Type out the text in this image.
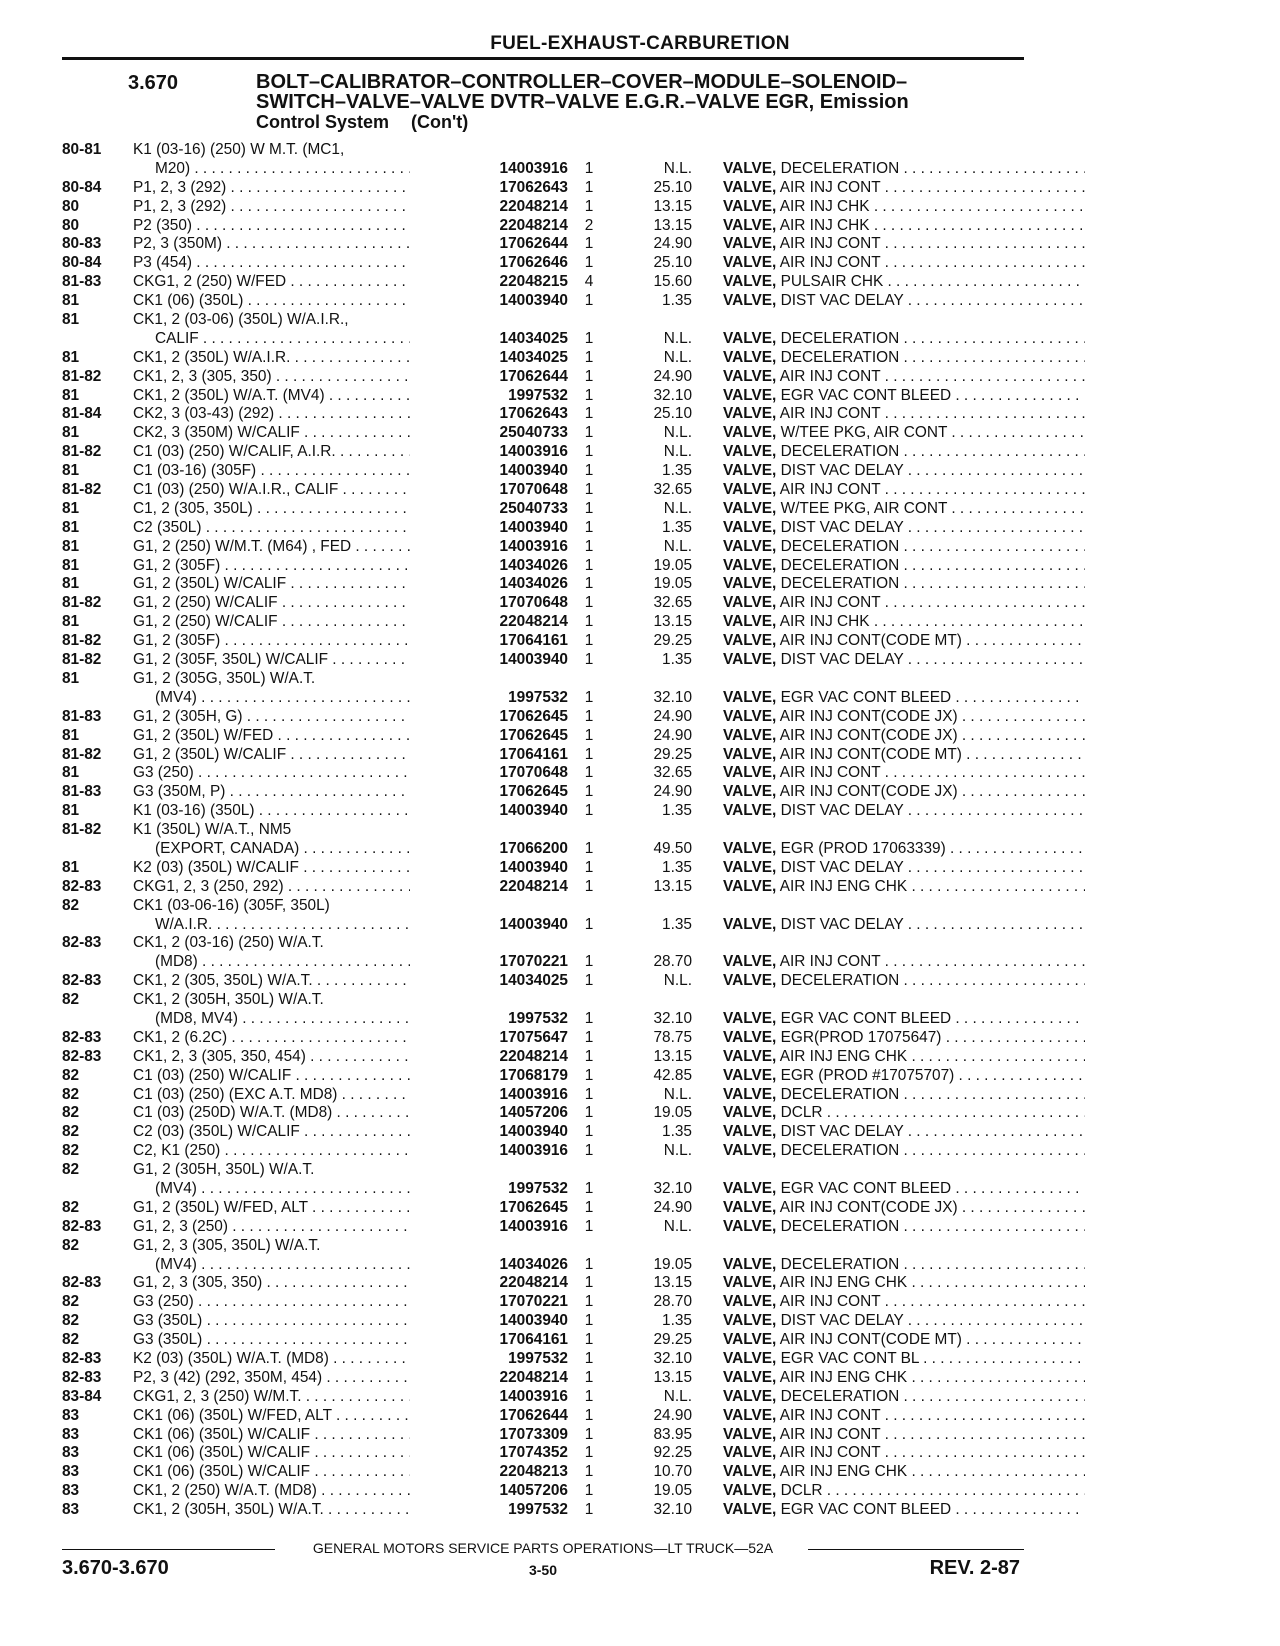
FUEL-EXHAUST-CARBURETION
3.670	BOLT–CALIBRATOR–CONTROLLER–COVER–MODULE–SOLENOID–
SWITCH–VALVE–VALVE DVTR–VALVE E.G.R.–VALVE EGR, Emission
Control System (Con't)
80-81 K1 (03-16) (250) W M.T. (MC1,
M20) . . .	14003916	1	N.L. VALVE, DECELERATION . . .
80-84 P1, 2, 3 (292) . . .	17062643	1	25.10 VALVE, AIR INJ CONT . . .
80	P1, 2, 3 (292) . . .	22048214	1	13.15 VALVE, AIR INJ CHK . . .
80	P2 (350) . . .	22048214	2	13.15 VALVE, AIR INJ CHK . . .
80-83 P2, 3 (350M) . . .	17062644	1	24.90 VALVE, AIR INJ CONT . . .
80-84 P3 (454) . . .	17062646	1	25.10 VALVE, AIR INJ CONT . . .
81-83 CKG1, 2 (250) W/FED . . .	22048215	4	15.60 VALVE, PULSAIR CHK . . .
81	CK1 (06) (350L) . . .	14003940	1	1.35 VALVE, DIST VAC DELAY . . .
81	CK1, 2 (03-06) (350L) W/A.I.R.,
CALIF . . .	14034025	1	N.L. VALVE, DECELERATION . . .
81	CK1, 2 (350L) W/A.I.R. . . .	14034025	1	N.L. VALVE, DECELERATION . . .
81-82 CK1, 2, 3 (305, 350) . . .	17062644	1	24.90 VALVE, AIR INJ CONT . . .
81	CK1, 2 (350L) W/A.T. (MV4) . . .	1997532	1	32.10 VALVE, EGR VAC CONT BLEED . . .
81-84 CK2, 3 (03-43) (292) . . .	17062643	1	25.10 VALVE, AIR INJ CONT . . .
81	CK2, 3 (350M) W/CALIF . . .	25040733	1	N.L. VALVE, W/TEE PKG, AIR CONT . . .
81-82 C1 (03) (250) W/CALIF, A.I.R. . . .	14003916	1	N.L. VALVE, DECELERATION . . .
81	C1 (03-16) (305F) . . .	14003940	1	1.35 VALVE, DIST VAC DELAY . . .
81-82 C1 (03) (250) W/A.I.R., CALIF . . .	17070648	1	32.65 VALVE, AIR INJ CONT . . .
81	C1, 2 (305, 350L) . . .	25040733	1	N.L. VALVE, W/TEE PKG, AIR CONT . . .
81	C2 (350L) . . .	14003940	1	1.35 VALVE, DIST VAC DELAY . . .
81	G1, 2 (250) W/M.T. (M64) , FED . . .	14003916	1	N.L. VALVE, DECELERATION . . .
81	G1, 2 (305F) . . .	14034026	1	19.05 VALVE, DECELERATION . . .
81	G1, 2 (350L) W/CALIF . . .	14034026	1	19.05 VALVE, DECELERATION . . .
81-82 G1, 2 (250) W/CALIF . . .	17070648	1	32.65 VALVE, AIR INJ CONT . . .
81	G1, 2 (250) W/CALIF . . .	22048214	1	13.15 VALVE, AIR INJ CHK . . .
81-82 G1, 2 (305F) . . .	17064161	1	29.25 VALVE, AIR INJ CONT(CODE MT) . . .
81-82 G1, 2 (305F, 350L) W/CALIF . . .	14003940	1	1.35 VALVE, DIST VAC DELAY . . .
81	G1, 2 (305G, 350L) W/A.T.
(MV4) . . .	1997532	1	32.10 VALVE, EGR VAC CONT BLEED . . .
81-83 G1, 2 (305H, G) . . .	17062645	1	24.90 VALVE, AIR INJ CONT(CODE JX) . . .
81	G1, 2 (350L) W/FED . . .	17062645	1	24.90 VALVE, AIR INJ CONT(CODE JX) . . .
81-82 G1, 2 (350L) W/CALIF . . .	17064161	1	29.25 VALVE, AIR INJ CONT(CODE MT) . . .
81	G3 (250) . . .	17070648	1	32.65 VALVE, AIR INJ CONT . . .
81-83 G3 (350M, P) . . .	17062645	1	24.90 VALVE, AIR INJ CONT(CODE JX) . . .
81	K1 (03-16) (350L) . . .	14003940	1	1.35 VALVE, DIST VAC DELAY . . .
81-82 K1 (350L) W/A.T., NM5
(EXPORT, CANADA) . . .	17066200	1	49.50 VALVE, EGR (PROD 17063339) . . .
81	K2 (03) (350L) W/CALIF . . .	14003940	1	1.35 VALVE, DIST VAC DELAY . . .
82-83 CKG1, 2, 3 (250, 292) . . .	22048214	1	13.15 VALVE, AIR INJ ENG CHK . . .
82	CK1 (03-06-16) (305F, 350L)
W/A.I.R. . . .	14003940	1	1.35 VALVE, DIST VAC DELAY . . .
82-83 CK1, 2 (03-16) (250) W/A.T.
(MD8) . . .	17070221	1	28.70 VALVE, AIR INJ CONT . . .
82-83 CK1, 2 (305, 350L) W/A.T. . . .	14034025	1	N.L. VALVE, DECELERATION . . .
82	CK1, 2 (305H, 350L) W/A.T.
(MD8, MV4) . . .	1997532	1	32.10 VALVE, EGR VAC CONT BLEED . . .
82-83 CK1, 2 (6.2C) . . .	17075647	1	78.75 VALVE, EGR(PROD 17075647) . . .
82-83 CK1, 2, 3 (305, 350, 454) . . .	22048214	1	13.15 VALVE, AIR INJ ENG CHK . . .
82	C1 (03) (250) W/CALIF . . .	17068179	1	42.85 VALVE, EGR (PROD #17075707) . . .
82	C1 (03) (250) (EXC A.T. MD8) . . .	14003916	1	N.L. VALVE, DECELERATION . . .
82	C1 (03) (250D) W/A.T. (MD8) . . .	14057206	1	19.05 VALVE, DCLR . . .
82	C2 (03) (350L) W/CALIF . . .	14003940	1	1.35 VALVE, DIST VAC DELAY . . .
82	C2, K1 (250) . . .	14003916	1	N.L. VALVE, DECELERATION . . .
82	G1, 2 (305H, 350L) W/A.T.
(MV4) . . .	1997532	1	32.10 VALVE, EGR VAC CONT BLEED . . .
82	G1, 2 (350L) W/FED, ALT . . .	17062645	1	24.90 VALVE, AIR INJ CONT(CODE JX) . . .
82-83 G1, 2, 3 (250) . . .	14003916	1	N.L. VALVE, DECELERATION . . .
82	G1, 2, 3 (305, 350L) W/A.T.
(MV4) . . .	14034026	1	19.05 VALVE, DECELERATION . . .
82-83 G1, 2, 3 (305, 350) . . .	22048214	1	13.15 VALVE, AIR INJ ENG CHK . . .
82	G3 (250) . . .	17070221	1	28.70 VALVE, AIR INJ CONT . . .
82	G3 (350L) . . .	14003940	1	1.35 VALVE, DIST VAC DELAY . . .
82	G3 (350L) . . .	17064161	1	29.25 VALVE, AIR INJ CONT(CODE MT) . . .
82-83 K2 (03) (350L) W/A.T. (MD8) . . .	1997532	1	32.10 VALVE, EGR VAC CONT BL . . .
82-83 P2, 3 (42) (292, 350M, 454) . . .	22048214	1	13.15 VALVE, AIR INJ ENG CHK . . .
83-84 CKG1, 2, 3 (250) W/M.T. . . .	14003916	1	N.L. VALVE, DECELERATION . . .
83	CK1 (06) (350L) W/FED, ALT . . .	17062644	1	24.90 VALVE, AIR INJ CONT . . .
83	CK1 (06) (350L) W/CALIF . . .	17073309	1	83.95 VALVE, AIR INJ CONT . . .
83	CK1 (06) (350L) W/CALIF . . .	17074352	1	92.25 VALVE, AIR INJ CONT . . .
83	CK1 (06) (350L) W/CALIF . . .	22048213	1	10.70 VALVE, AIR INJ ENG CHK . . .
83	CK1, 2 (250) W/A.T. (MD8) . . .	14057206	1	19.05 VALVE, DCLR . . .
83	CK1, 2 (305H, 350L) W/A.T. . . .	1997532	1	32.10 VALVE, EGR VAC CONT BLEED . . .
GENERAL MOTORS SERVICE PARTS OPERATIONS—LT TRUCK—52A
3.670-3.670	3-50	REV. 2-87
